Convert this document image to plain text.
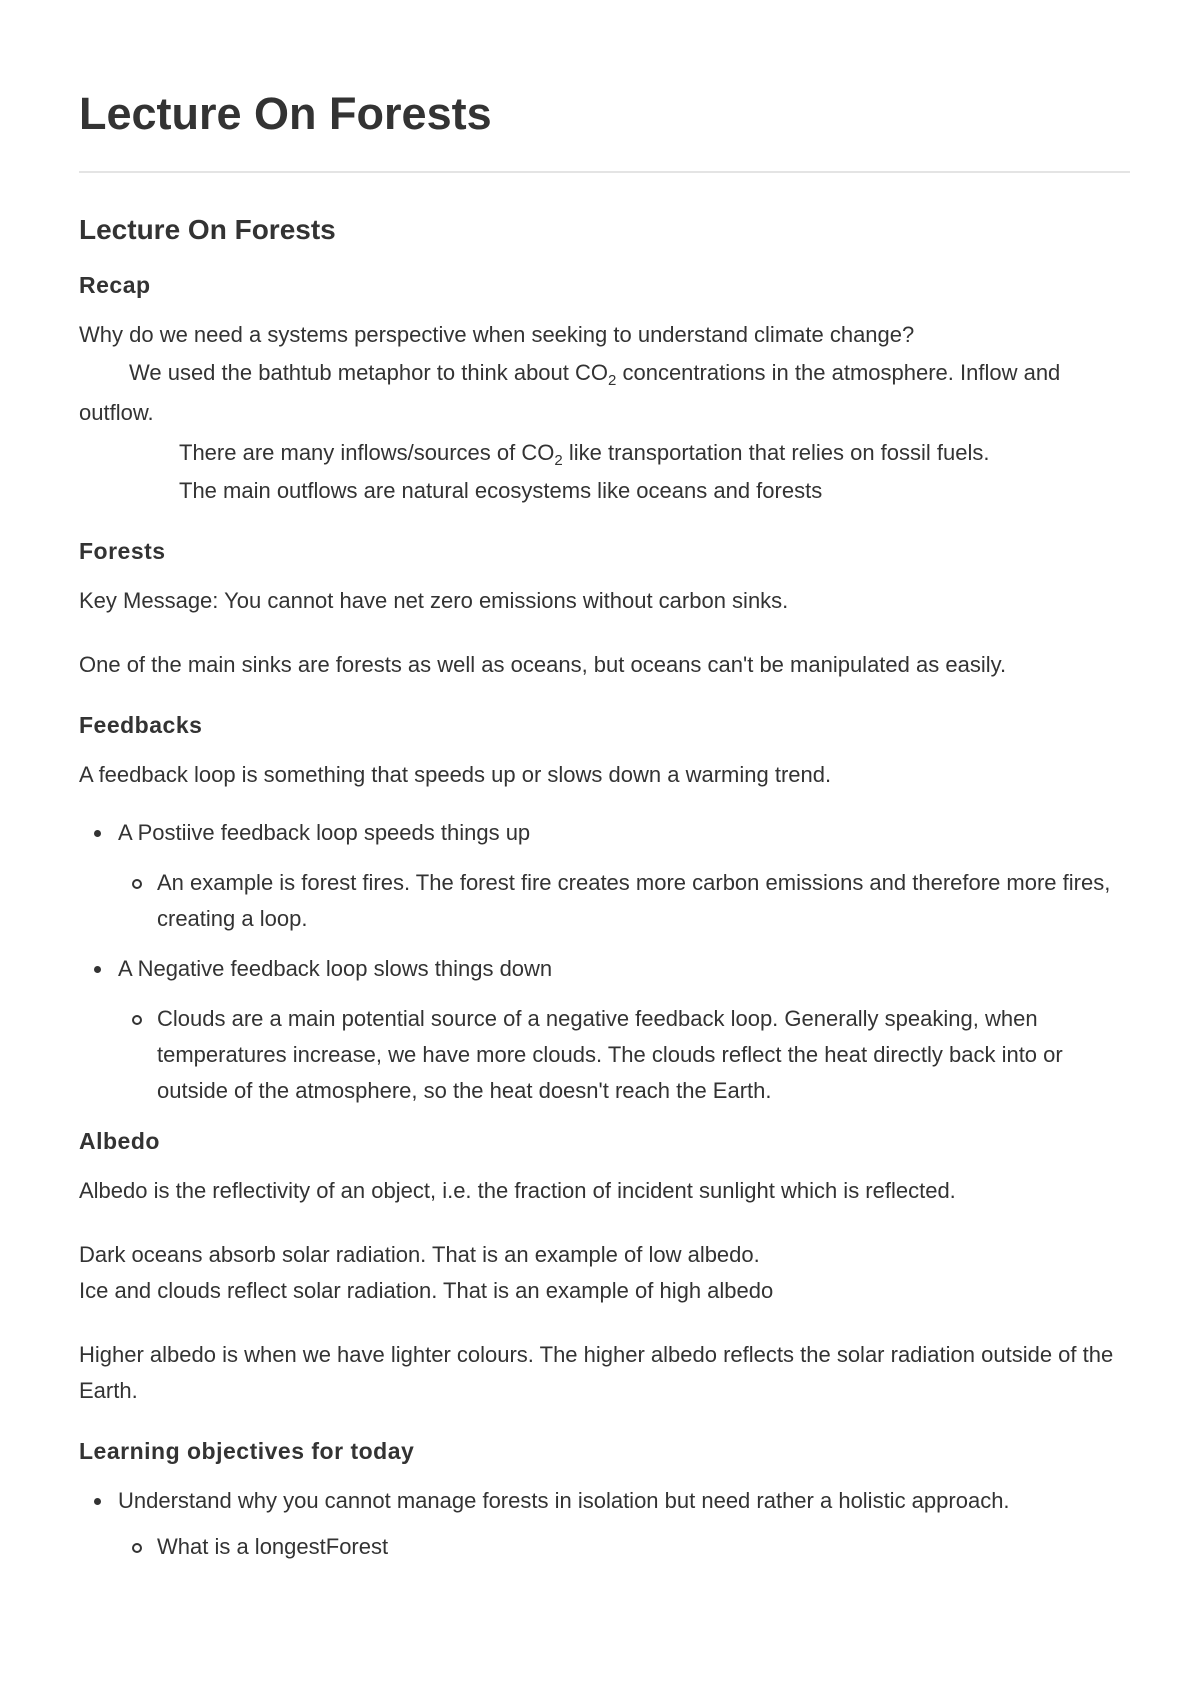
Lecture On Forests
Lecture On Forests
Recap

Why do we need a systems perspective when seeking to understand climate change?

We used the bathtub metaphor to think about $CO_2$ concentrations in the atmosphere. Inflow and outflow.

There are many inflows/sources of $CO_2$ like transportation that relies on fossil fuels.

The main outflows are natural ecosystems like oceans and forests

Forests

Key Message: You cannot have net zero emissions without carbon sinks.

One of the main sinks are forests as well as oceans, but oceans can't be manipulated as easily.

Feedbacks

A feedback loop is something that speeds up or slows down a warming trend.

A Postiive feedback loop speeds things up
An example is forest fires. The forest fire creates more carbon emissions and therefore more fires, creating a loop.
A Negative feedback loop slows things down
Clouds are a main potential source of a negative feedback loop. Generally speaking, when temperatures increase, we have more clouds. The clouds reflect the heat directly back into or outside of the atmosphere, so the heat doesn't reach the Earth.
Albedo

Albedo is the reflectivity of an object, i.e. the fraction of incident sunlight which is reflected.

Dark oceans absorb solar radiation. That is an example of low albedo.

Ice and clouds reflect solar radiation. That is an example of high albedo

Higher albedo is when we have lighter colours. The higher albedo reflects the solar radiation outside of the Earth.

Learning objectives for today
Understand why you cannot manage forests in isolation but need rather a holistic approach.
What is a longestForest
